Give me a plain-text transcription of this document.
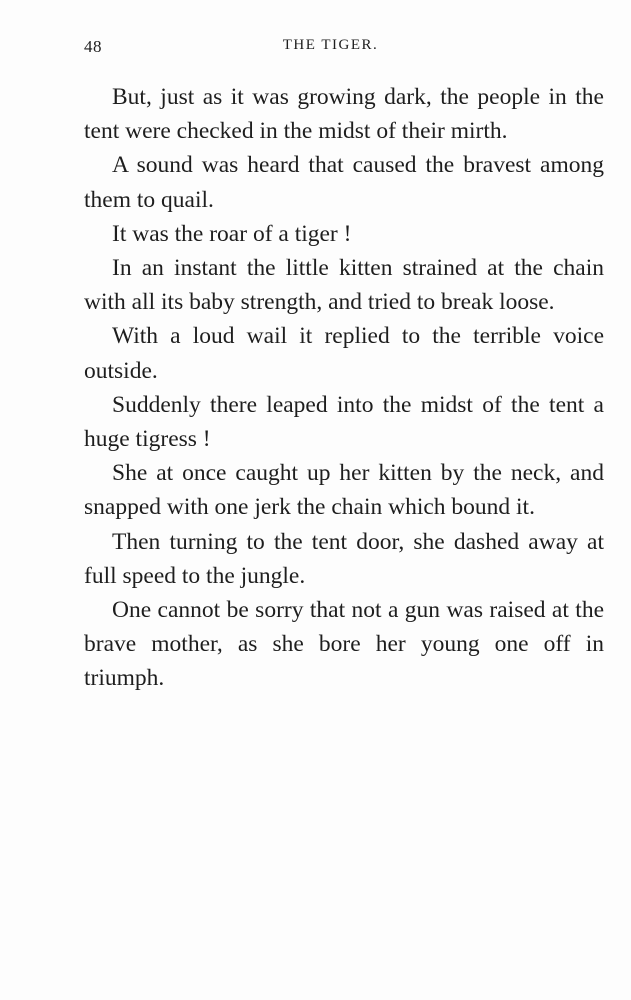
48	THE TIGER.

But, just as it was growing dark, the people in the tent were checked in the midst of their mirth.

A sound was heard that caused the bravest among them to quail.

It was the roar of a tiger !

In an instant the little kitten strained at the chain with all its baby strength, and tried to break loose.

With a loud wail it replied to the terrible voice outside.

Suddenly there leaped into the midst of the tent a huge tigress !

She at once caught up her kitten by the neck, and snapped with one jerk the chain which bound it.

Then turning to the tent door, she dashed away at full speed to the jungle.

One cannot be sorry that not a gun was raised at the brave mother, as she bore her young one off in triumph.
